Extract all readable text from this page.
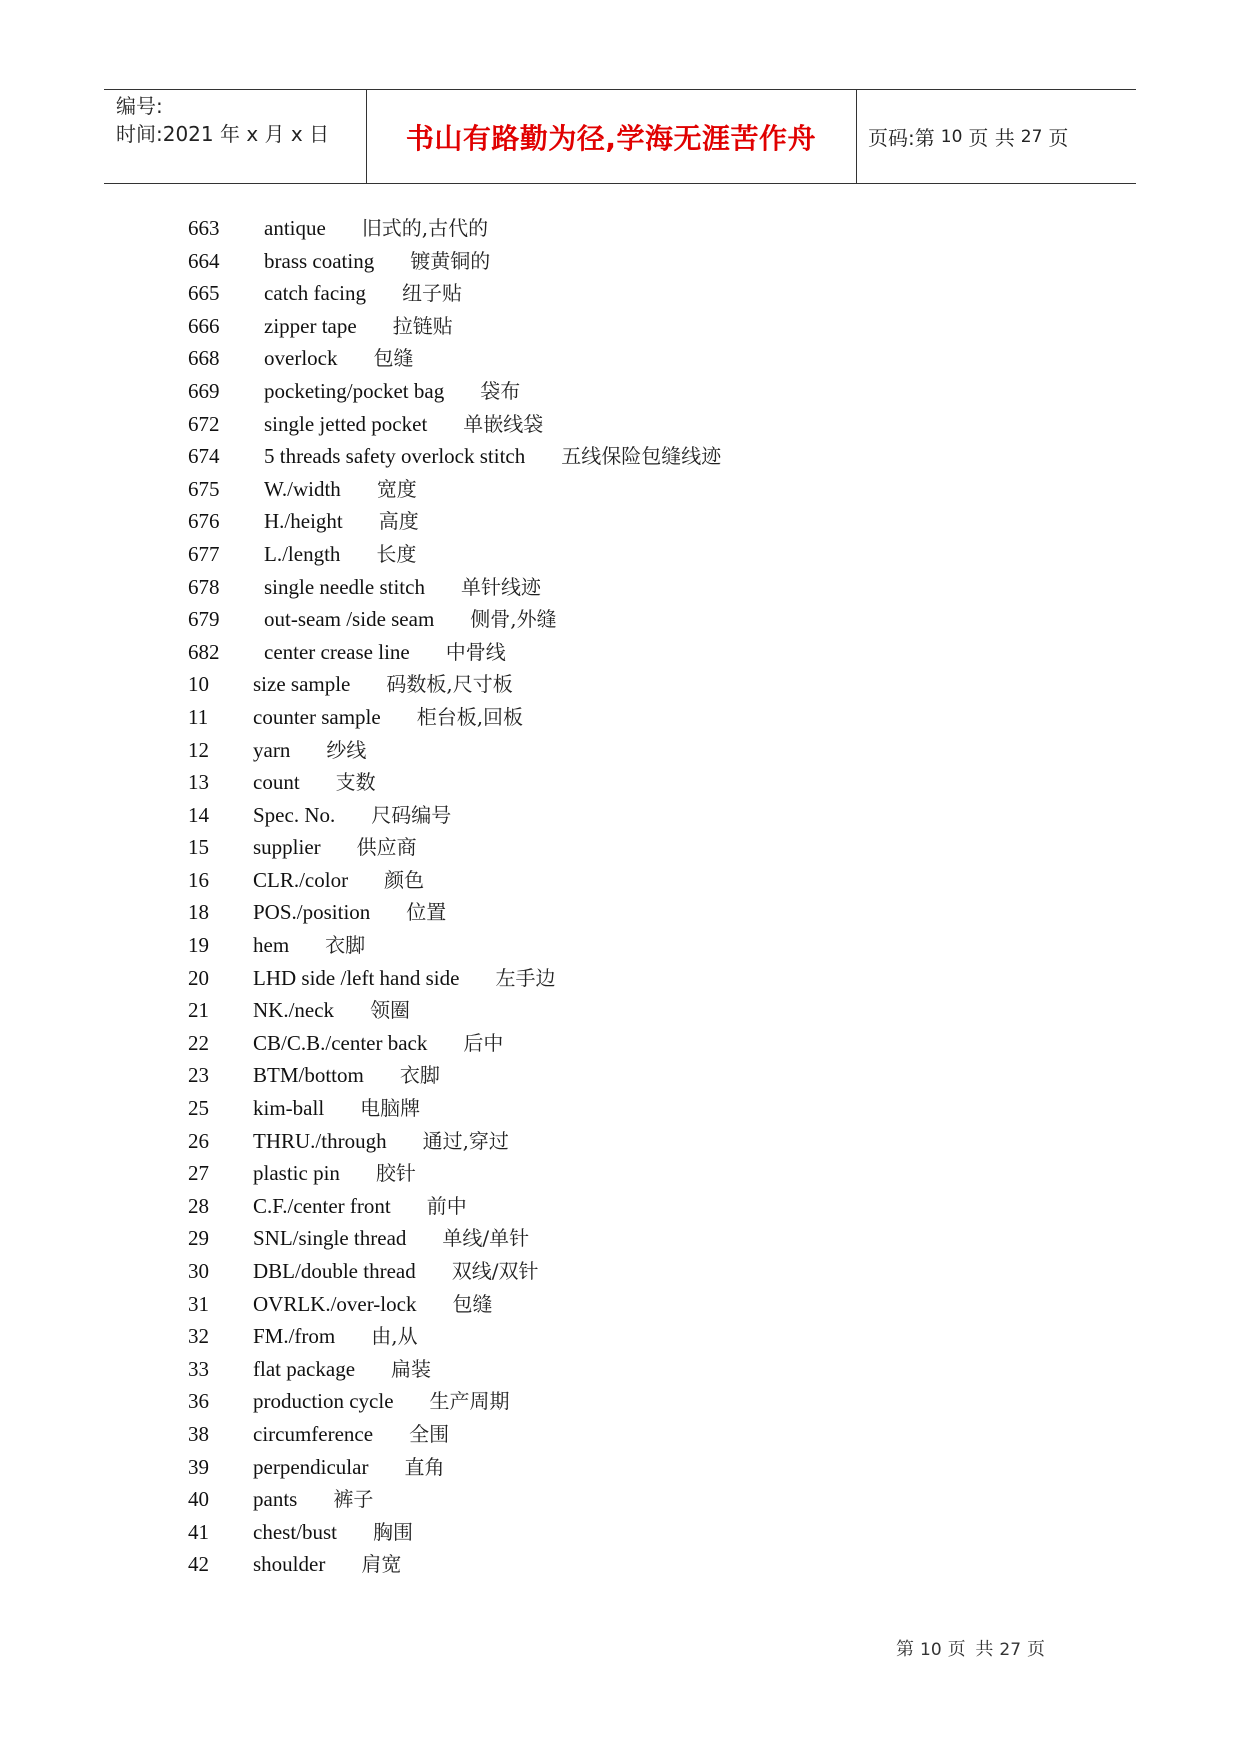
编号:
时间:2021 年 x 月 x 日	书山有路勤为径,学海无涯苦作舟	页码:第 10 页 共 27 页
663 antique 旧式的,古代的
664 brass coating 镀黄铜的
665 catch facing 纽子贴
666 zipper tape 拉链贴
668 overlock 包缝
669 pocketing/pocket bag 袋布
672 single jetted pocket 单嵌线袋
674 5 threads safety overlock stitch 五线保险包缝线迹
675 W./width 宽度
676 H./height 高度
677 L./length 长度
678 single needle stitch 单针线迹
679 out-seam /side seam 侧骨,外缝
682 center crease line 中骨线
10 size sample 码数板,尺寸板
11 counter sample 柜台板,回板
12 yarn 纱线
13 count 支数
14 Spec. No. 尺码编号
15 supplier 供应商
16 CLR./color 颜色
18 POS./position 位置
19 hem 衣脚
20 LHD side /left hand side 左手边
21 NK./neck 领圈
22 CB/C.B./center back 后中
23 BTM/bottom 衣脚
25 kim-ball 电脑牌
26 THRU./through 通过,穿过
27 plastic pin 胶针
28 C.F./center front 前中
29 SNL/single thread 单线/单针
30 DBL/double thread 双线/双针
31 OVRLK./over-lock 包缝
32 FM./from 由,从
33 flat package 扁装
36 production cycle 生产周期
38 circumference 全围
39 perpendicular 直角
40 pants 裤子
41 chest/bust 胸围
42 shoulder 肩宽
第 10 页 共 27 页
